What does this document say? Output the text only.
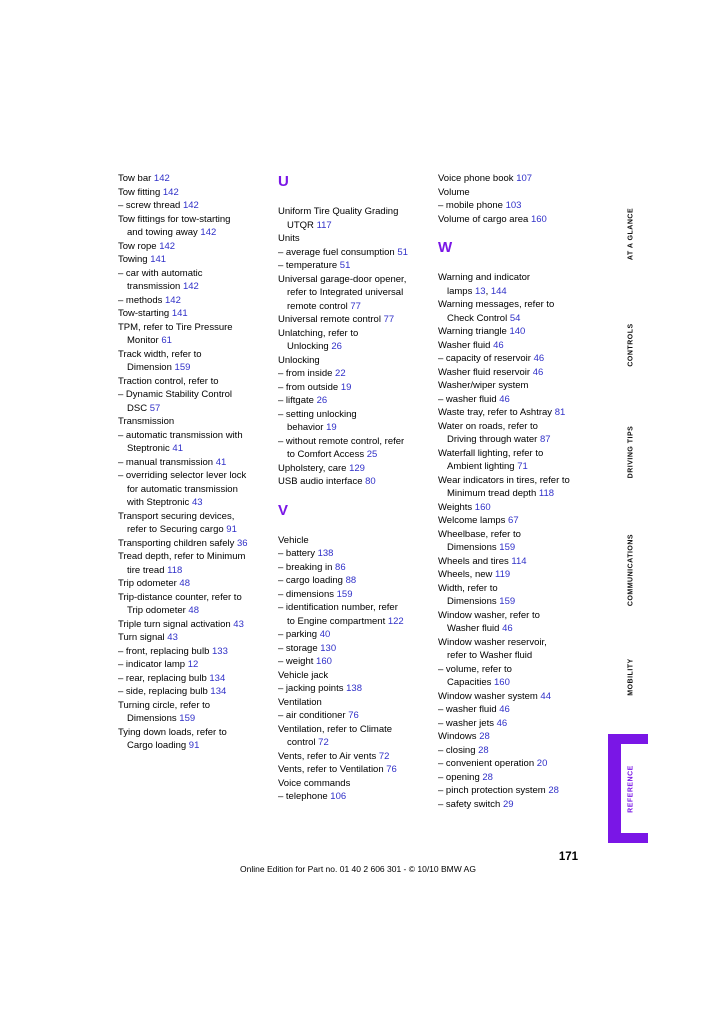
Tow bar 142
Tow fitting 142
– screw thread 142
Tow fittings for tow-starting
and towing away 142
Tow rope 142
Towing 141
– car with automatic
transmission 142
– methods 142
Tow-starting 141
TPM, refer to Tire Pressure
Monitor 61
Track width, refer to
Dimension 159
Traction control, refer to
– Dynamic Stability Control
DSC 57
Transmission
– automatic transmission with
Steptronic 41
– manual transmission 41
– overriding selector lever lock
for automatic transmission
with Steptronic 43
Transport securing devices,
refer to Securing cargo 91
Transporting children safely 36
Tread depth, refer to Minimum
tire tread 118
Trip odometer 48
Trip-distance counter, refer to
Trip odometer 48
Triple turn signal activation 43
Turn signal 43
– front, replacing bulb 133
– indicator lamp 12
– rear, replacing bulb 134
– side, replacing bulb 134
Turning circle, refer to
Dimensions 159
Tying down loads, refer to
Cargo loading 91
U
Uniform Tire Quality Grading
UTQR 117
Units
– average fuel consumption 51
– temperature 51
Universal garage-door opener,
refer to Integrated universal
remote control 77
Universal remote control 77
Unlatching, refer to
Unlocking 26
Unlocking
– from inside 22
– from outside 19
– liftgate 26
– setting unlocking
behavior 19
– without remote control, refer
to Comfort Access 25
Upholstery, care 129
USB audio interface 80
V
Vehicle
– battery 138
– breaking in 86
– cargo loading 88
– dimensions 159
– identification number, refer
to Engine compartment 122
– parking 40
– storage 130
– weight 160
Vehicle jack
– jacking points 138
Ventilation
– air conditioner 76
Ventilation, refer to Climate
control 72
Vents, refer to Air vents 72
Vents, refer to Ventilation 76
Voice commands
– telephone 106
Voice phone book 107
Volume
– mobile phone 103
Volume of cargo area 160
W
Warning and indicator
lamps 13, 144
Warning messages, refer to
Check Control 54
Warning triangle 140
Washer fluid 46
– capacity of reservoir 46
Washer fluid reservoir 46
Washer/wiper system
– washer fluid 46
Waste tray, refer to Ashtray 81
Water on roads, refer to
Driving through water 87
Waterfall lighting, refer to
Ambient lighting 71
Wear indicators in tires, refer to
Minimum tread depth 118
Weights 160
Welcome lamps 67
Wheelbase, refer to
Dimensions 159
Wheels and tires 114
Wheels, new 119
Width, refer to
Dimensions 159
Window washer, refer to
Washer fluid 46
Window washer reservoir,
refer to Washer fluid
– volume, refer to
Capacities 160
Window washer system 44
– washer fluid 46
– washer jets 46
Windows 28
– closing 28
– convenient operation 20
– opening 28
– pinch protection system 28
– safety switch 29
AT A GLANCE
CONTROLS
DRIVING TIPS
COMMUNICATIONS
MOBILITY
REFERENCE
171
Online Edition for Part no. 01 40 2 606 301 - © 10/10 BMW AG
